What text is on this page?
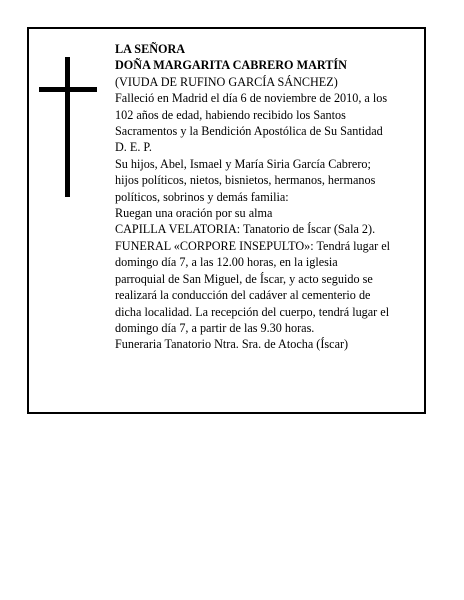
LA SEÑORA
DOÑA MARGARITA CABRERO MARTÍN
(VIUDA DE RUFINO GARCÍA SÁNCHEZ)
Falleció en Madrid el día 6 de noviembre de 2010, a los
102 años de edad, habiendo recibido los Santos
Sacramentos y la Bendición Apostólica de Su Santidad
D. E. P.
Su hijos, Abel, Ismael y María Siria García Cabrero;
hijos políticos, nietos, bisnietos, hermanos, hermanos
políticos, sobrinos y demás familia:
Ruegan una oración por su alma
CAPILLA VELATORIA: Tanatorio de Íscar (Sala 2).
FUNERAL «CORPORE INSEPULTO»: Tendrá lugar el
domingo día 7, a las 12.00 horas, en la iglesia
parroquial de San Miguel, de Íscar, y acto seguido se
realizará la conducción del cadáver al cementerio de
dicha localidad. La recepción del cuerpo, tendrá lugar el
domingo día 7, a partir de las 9.30 horas.
Funeraria Tanatorio Ntra. Sra. de Atocha (Íscar)
